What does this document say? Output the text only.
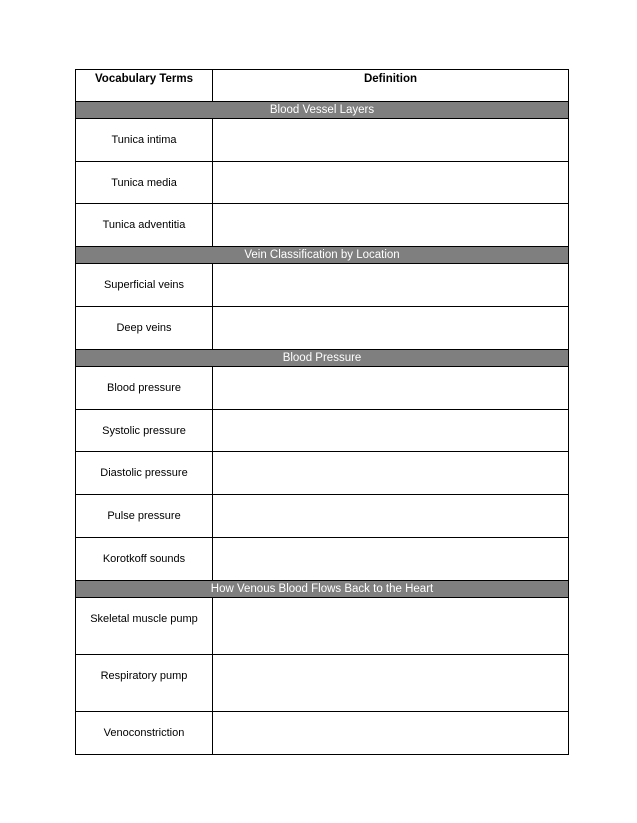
Vocabulary Terms	Definition
Blood Vessel Layers	
Tunica intima	
Tunica media	
Tunica adventitia	
Vein Classification by Location	
Superficial veins	
Deep veins	
Blood Pressure	
Blood pressure	
Systolic pressure	
Diastolic pressure	
Pulse pressure	
Korotkoff sounds	
How Venous Blood Flows Back to the Heart	
Skeletal muscle pump	
Respiratory pump	
Venoconstriction	
